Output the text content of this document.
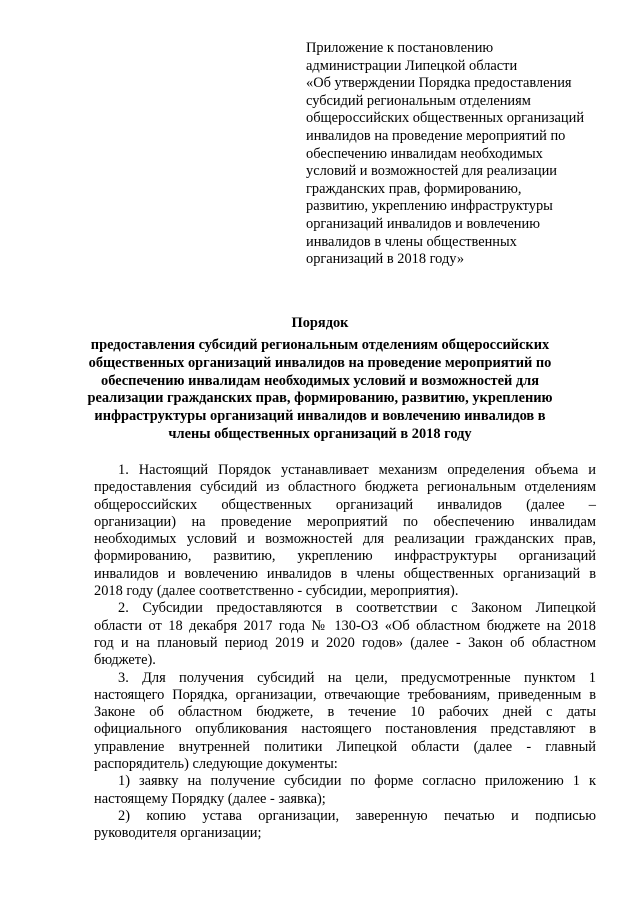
Приложение к постановлению
администрации Липецкой области
«Об утверждении Порядка предоставления
субсидий региональным отделениям
общероссийских общественных организаций
инвалидов на проведение мероприятий по
обеспечению инвалидам необходимых
условий и возможностей для реализации
гражданских прав, формированию,
развитию, укреплению инфраструктуры
организаций инвалидов и вовлечению
инвалидов в члены общественных
организаций в 2018 году»
Порядок
предоставления субсидий региональным отделениям общероссийских
общественных организаций инвалидов на проведение мероприятий по
обеспечению инвалидам необходимых условий и возможностей для
реализации гражданских прав, формированию, развитию, укреплению
инфраструктуры организаций инвалидов и вовлечению инвалидов в
члены общественных организаций в 2018 году
1. Настоящий Порядок устанавливает механизм определения объема и
предоставления субсидий из областного бюджета региональным отделениям
общероссийских общественных организаций инвалидов (далее –
организации) на проведение мероприятий по обеспечению инвалидам
необходимых условий и возможностей для реализации гражданских прав,
формированию, развитию, укреплению инфраструктуры организаций
инвалидов и вовлечению инвалидов в члены общественных организаций в
2018 году (далее соответственно - субсидии, мероприятия).
2. Субсидии предоставляются в соответствии с Законом Липецкой
области от 18 декабря 2017 года № 130-ОЗ «Об областном бюджете на 2018
год и на плановый период 2019 и 2020 годов» (далее - Закон об областном
бюджете).
3. Для получения субсидий на цели, предусмотренные пунктом 1
настоящего Порядка, организации, отвечающие требованиям, приведенным в
Законе об областном бюджете, в течение 10 рабочих дней с даты
официального опубликования настоящего постановления представляют в
управление внутренней политики Липецкой области (далее - главный
распорядитель) следующие документы:
1) заявку на получение субсидии по форме согласно приложению 1 к
настоящему Порядку (далее - заявка);
2) копию устава организации, заверенную печатью и подписью
руководителя организации;
